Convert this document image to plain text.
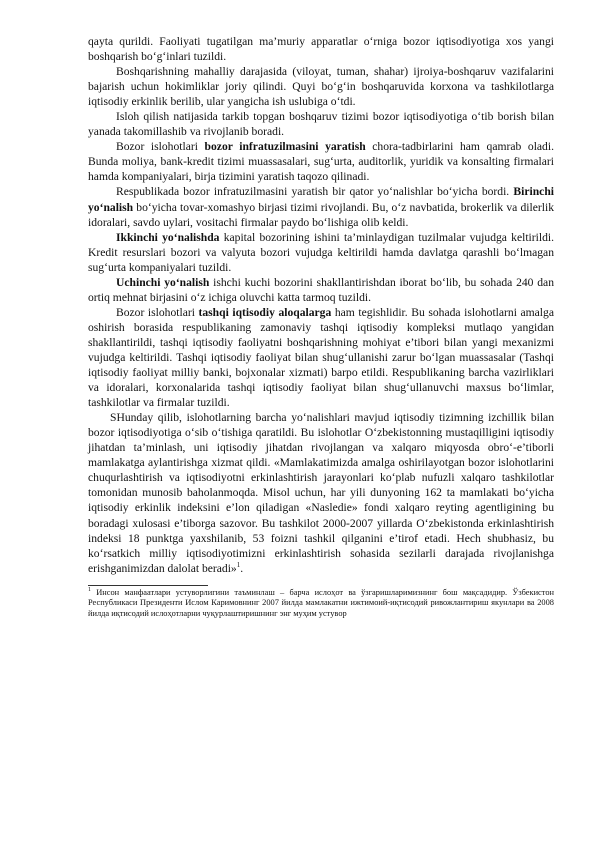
qayta qurildi. Faoliyati tugatilgan ma’muriy apparatlar o‘rniga bozor iqtisodiyotiga xos yangi boshqarish bo‘g‘inlari tuzildi.

Boshqarishning mahalliy darajasida (viloyat, tuman, shahar) ijroiya-boshqaruv vazifalarini bajarish uchun hokimliklar joriy qilindi. Quyi bo‘g‘in boshqaruvida korxona va tashkilotlarga iqtisodiy erkinlik berilib, ular yangicha ish uslubiga o‘tdi.

Isloh qilish natijasida tarkib topgan boshqaruv tizimi bozor iqtisodiyotiga o‘tib borish bilan yanada takomillashib va rivojlanib boradi.

Bozor islohotlari bozor infratuzilmasini yaratish chora-tadbirlarini ham qamrab oladi. Bunda moliya, bank-kredit tizimi muassasalari, sug‘urta, auditorlik, yuridik va konsalting firmalari hamda kompaniyalari, birja tizimini yaratish taqozo qilinadi.

Respublikada bozor infratuzilmasini yaratish bir qator yo‘nalishlar bo‘yicha bordi. Birinchi yo‘nalish bo‘yicha tovar-xomashyo birjasi tizimi rivojlandi. Bu, o‘z navbatida, brokerlik va dilerlik idoralari, savdo uylari, vositachi firmalar paydo bo‘lishiga olib keldi.

Ikkinchi yo‘nalishda kapital bozorining ishini ta’minlaydigan tuzilmalar vujudga keltirildi. Kredit resurslari bozori va valyuta bozori vujudga keltirildi hamda davlatga qarashli bo‘lmagan sug‘urta kompaniyalari tuzildi.

Uchinchi yo‘nalish ishchi kuchi bozorini shakllantirishdan iborat bo‘lib, bu sohada 240 dan ortiq mehnat birjasini o‘z ichiga oluvchi katta tarmoq tuzildi.

Bozor islohotlari tashqi iqtisodiy aloqalarga ham tegishlidir. Bu sohada islohotlarni amalga oshirish borasida respublikaning zamonaviy tashqi iqtisodiy kompleksi mutlaqo yangidan shakllantirildi, tashqi iqtisodiy faoliyatni boshqarishning mohiyat e’tibori bilan yangi mexanizmi vujudga keltirildi. Tashqi iqtisodiy faoliyat bilan shug‘ullanishi zarur bo‘lgan muassasalar (Tashqi iqtisodiy faoliyat milliy banki, bojxonalar xizmati) barpo etildi. Respublikaning barcha vazirliklari va idoralari, korxonalarida tashqi iqtisodiy faoliyat bilan shug‘ullanuvchi maxsus bo‘limlar, tashkilotlar va firmalar tuzildi.

SHunday qilib, islohotlarning barcha yo‘nalishlari mavjud iqtisodiy tizimning izchillik bilan bozor iqtisodiyotiga o‘sib o‘tishiga qaratildi. Bu islohotlar O‘zbekistonning mustaqilligini iqtisodiy jihatdan ta’minlash, uni iqtisodiy jihatdan rivojlangan va xalqaro miqyosda obro‘-e’tiborli mamlakatga aylantirishga xizmat qildi. «Mamlakatimizda amalga oshirilayotgan bozor islohotlarini chuqurlashtirish va iqtisodiyotni erkinlashtirish jarayonlari ko‘plab nufuzli xalqaro tashkilotlar tomonidan munosib baholanmoqda. Misol uchun, har yili dunyoning 162 ta mamlakati bo‘yicha iqtisodiy erkinlik indeksini e’lon qiladigan «Nasledie» fondi xalqaro reyting agentligining bu boradagi xulosasi e’tiborga sazovor. Bu tashkilot 2000-2007 yillarda O‘zbekistonda erkinlashtirish indeksi 18 punktga yaxshilanib, 53 foizni tashkil qilganini e’tirof etadi. Hech shubhasiz, bu ko‘rsatkich milliy iqtisodiyotimizni erkinlashtirish sohasida sezilarli darajada rivojlanishga erishganimizdan dalolat beradi»$^1$.

$^1$ Инсон манфаатлари устуворлигини таъминлаш – барча ислоҳот ва ўзгаришларимизнинг бош мақсадидир. Ўзбекистон Республикаси Президенти Ислом Каримовнинг 2007 йилда мамлакатни ижтимоий-иқтисодий ривожлантириш якунлари ва 2008 йилда иқтисодий ислоҳотларни чуқурлаштиришнинг энг муҳим устувор
